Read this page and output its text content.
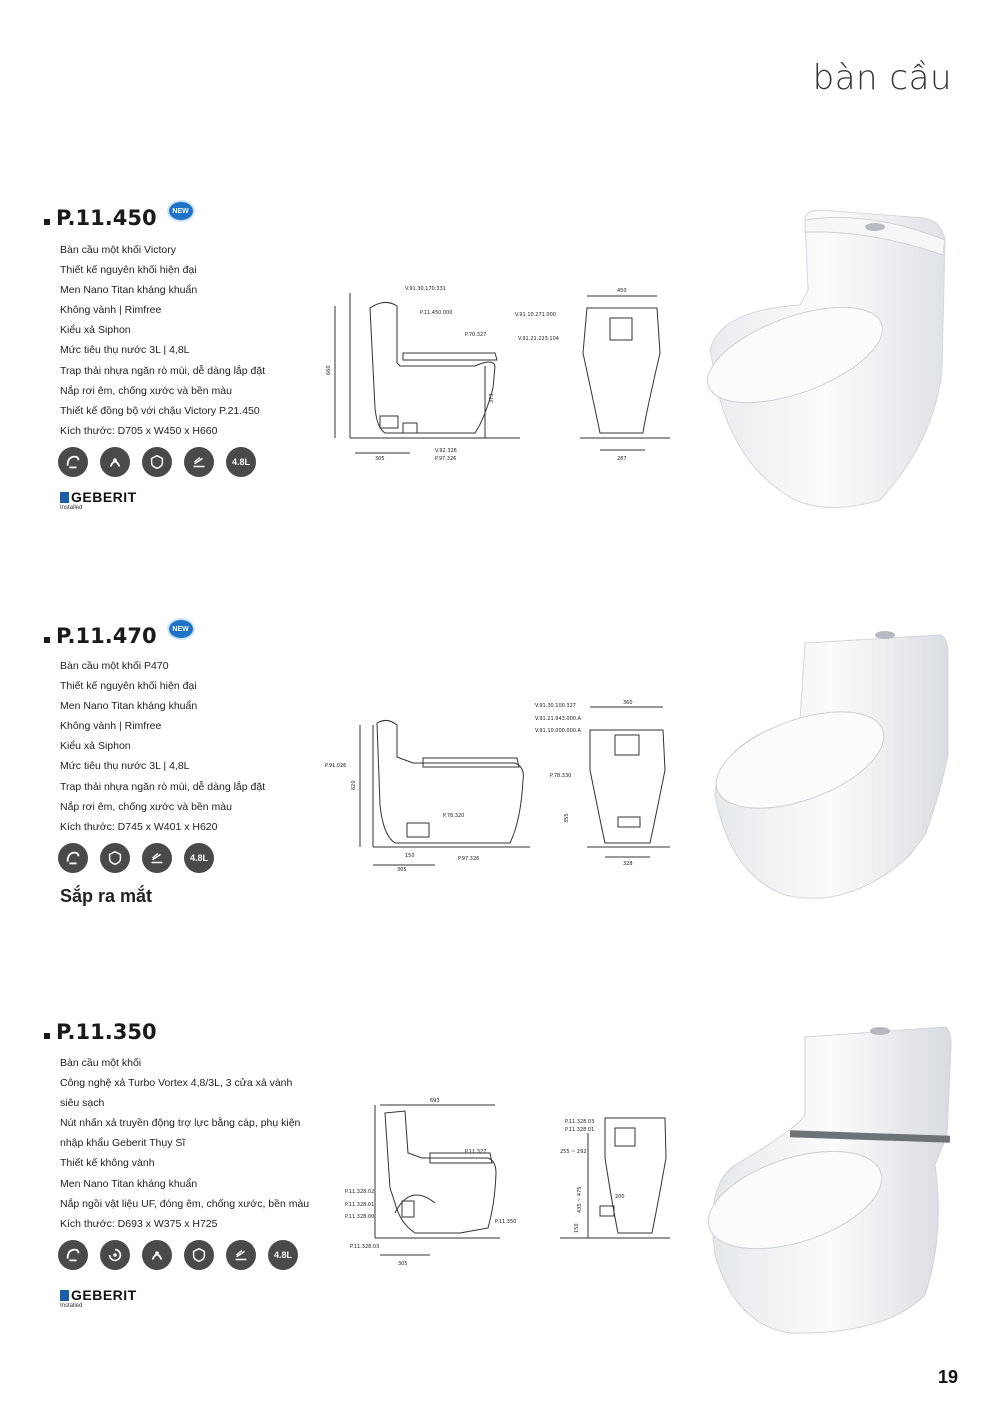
bàn cầu
P.11.450	NEW
Bàn cầu một khối Victory
Thiết kế nguyên khối hiện đại
Men Nano Titan kháng khuẩn
Không vành | Rimfree
Kiểu xả Siphon
Mức tiêu thụ nước 3L | 4,8L
Trap thải nhựa ngăn rò mùi, dễ dàng lắp đặt
Nắp rơi êm, chống xước và bền màu
Thiết kế đồng bộ với chậu Victory P.21.450
Kích thước: D705 x W450 x H660
4.8L
GEBERIT
Installed
V.91.30.170.331
P.11.450.000
P.70.327
660
373
305
V.92.326
P.97.326
V.91.10.271.000
V.91.21.223.104
450
287
P.11.470	NEW
Bàn cầu một khối P470
Thiết kế nguyên khối hiện đại
Men Nano Titan kháng khuẩn
Không vành | Rimfree
Kiểu xả Siphon
Mức tiêu thụ nước 3L | 4,8L
Trap thải nhựa ngăn rò mùi, dễ dàng lắp đặt
Nắp rơi êm, chống xước và bền màu
Kích thước: D745 x W401 x H620
4.8L
Sắp ra mắt
P.91.026
P.78.320
620
150
305
P.97.326
V.91.30.100.327
V.91.21.943.000.A
V.91.10.000.000.A
P.78.330
360
355
328
P.11.350
Bàn cầu một khối
Công nghệ xả Turbo Vortex 4,8/3L, 3 cửa xả vành
siêu sạch
Nút nhấn xả truyền động trợ lực bằng cáp, phụ kiện
nhập khẩu Geberit Thụy Sĩ
Thiết kế không vành
Men Nano Titan kháng khuẩn
Nắp ngồi vật liệu UF, đóng êm, chống xước, bền màu
Kích thước: D693 x W375 x H725
4.8L
GEBERIT
Installed
693
P.11.327
P.11.328.02
P.11.328.01
P.11.350
P.11.328.00
305
P.11.328.03
P.11.328.03
P.11.328.01
255 ~ 292
435 ~ 475	200
150
19
